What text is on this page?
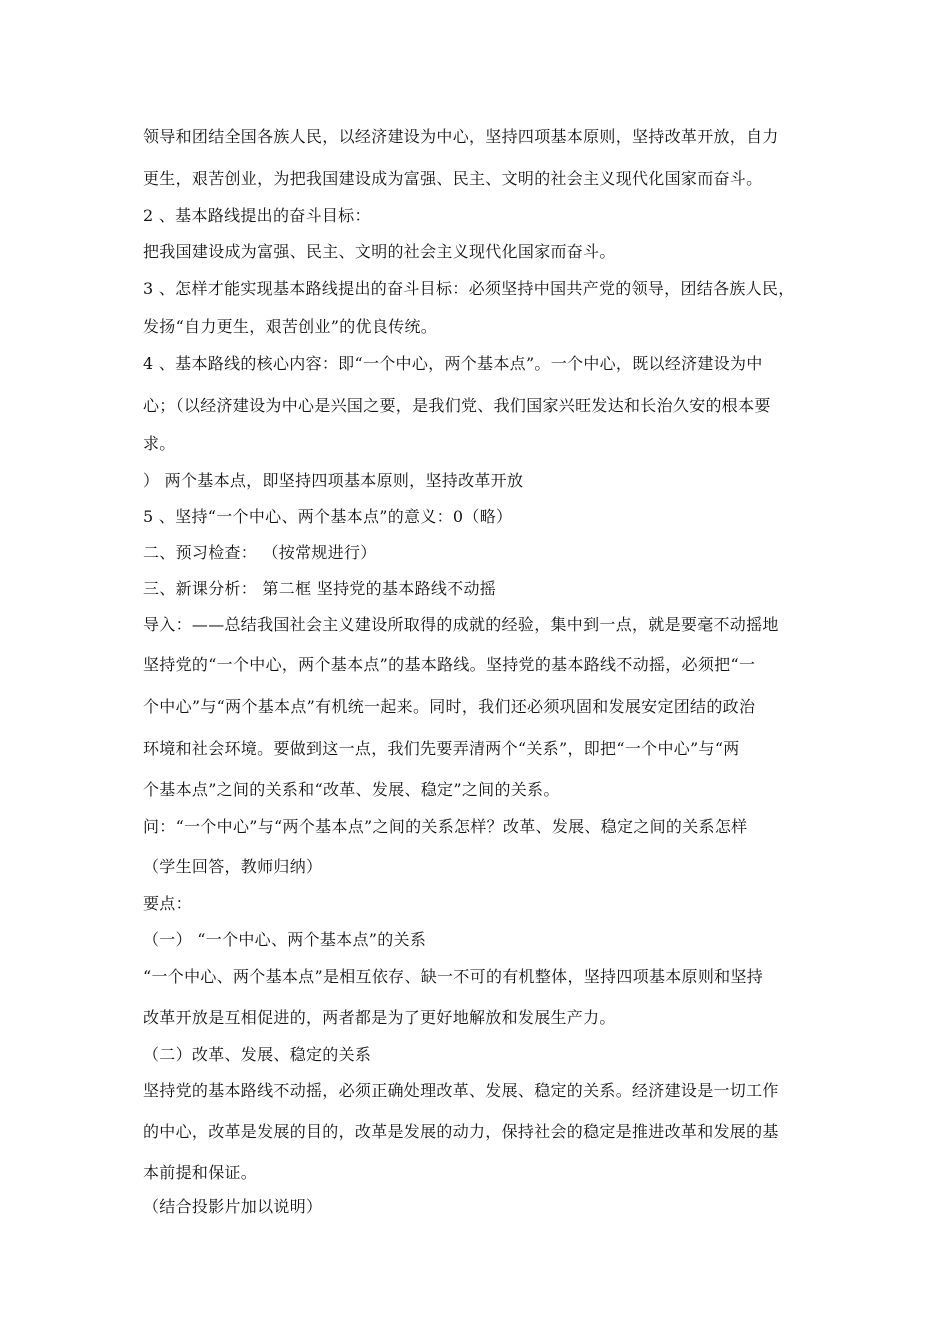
领导和团结全国各族人民，以经济建设为中心，坚持四项基本原则，坚持改革开放，自力
更生，艰苦创业，为把我国建设成为富强、民主、文明的社会主义现代化国家而奋斗。
2 、基本路线提出的奋斗目标：
把我国建设成为富强、民主、文明的社会主义现代化国家而奋斗。
3 、怎样才能实现基本路线提出的奋斗目标：必须坚持中国共产党的领导，团结各族人民，
发扬“自力更生，艰苦创业”的优良传统。
4 、基本路线的核心内容：即“一个中心，两个基本点”。一个中心，既以经济建设为中
心；（以经济建设为中心是兴国之要，是我们党、我们国家兴旺发达和长治久安的根本要
求。
） 两个基本点，即坚持四项基本原则，坚持改革开放
5 、坚持“一个中心、两个基本点”的意义：0（略）
二、预习检查： （按常规进行）
三、新课分析： 第二框 坚持党的基本路线不动摇
导入：——总结我国社会主义建设所取得的成就的经验，集中到一点，就是要毫不动摇地
坚持党的“一个中心，两个基本点”的基本路线。坚持党的基本路线不动摇，必须把“一
个中心”与“两个基本点”有机统一起来。同时，我们还必须巩固和发展安定团结的政治
环境和社会环境。要做到这一点，我们先要弄清两个“关系”，即把“一个中心”与“两
个基本点”之间的关系和“改革、发展、稳定”之间的关系。
问：“一个中心”与“两个基本点”之间的关系怎样？改革、发展、稳定之间的关系怎样
（学生回答，教师归纳）
要点：
（一） “一个中心、两个基本点”的关系
“一个中心、两个基本点”是相互依存、缺一不可的有机整体，坚持四项基本原则和坚持
改革开放是互相促进的，两者都是为了更好地解放和发展生产力。
（二）改革、发展、稳定的关系
坚持党的基本路线不动摇，必须正确处理改革、发展、稳定的关系。经济建设是一切工作
的中心，改革是发展的目的，改革是发展的动力，保持社会的稳定是推进改革和发展的基
本前提和保证。
（结合投影片加以说明）
